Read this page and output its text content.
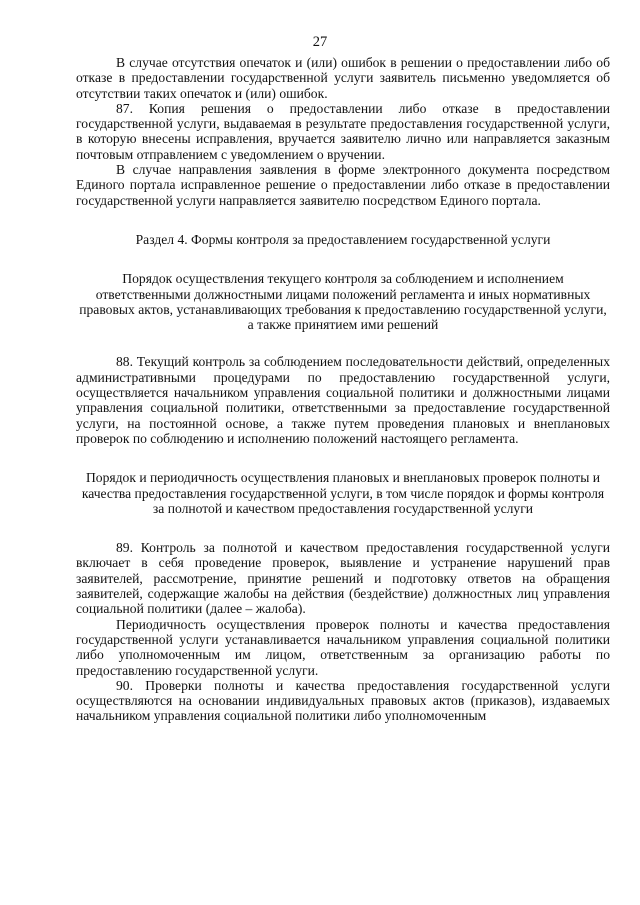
27

В случае отсутствия опечаток и (или) ошибок в решении о предоставлении либо об отказе в предоставлении государственной услуги заявитель письменно уведомляется об отсутствии таких опечаток и (или) ошибок.

87. Копия решения о предоставлении либо отказе в предоставлении государственной услуги, выдаваемая в результате предоставления государственной услуги, в которую внесены исправления, вручается заявителю лично или направляется заказным почтовым отправлением с уведомлением о вручении.

В случае направления заявления в форме электронного документа посредством Единого портала исправленное решение о предоставлении либо отказе в предоставлении государственной услуги направляется заявителю посредством Единого портала.

Раздел 4. Формы контроля за предоставлением государственной услуги

Порядок осуществления текущего контроля за соблюдением и исполнением ответственными должностными лицами положений регламента и иных нормативных правовых актов, устанавливающих требования к предоставлению государственной услуги, а также принятием ими решений

88. Текущий контроль за соблюдением последовательности действий, определенных административными процедурами по предоставлению государственной услуги, осуществляется начальником управления социальной политики и должностными лицами управления социальной политики, ответственными за предоставление государственной услуги, на постоянной основе, а также путем проведения плановых и внеплановых проверок по соблюдению и исполнению положений настоящего регламента.

Порядок и периодичность осуществления плановых и внеплановых проверок полноты и качества предоставления государственной услуги, в том числе порядок и формы контроля за полнотой и качеством предоставления государственной услуги

89. Контроль за полнотой и качеством предоставления государственной услуги включает в себя проведение проверок, выявление и устранение нарушений прав заявителей, рассмотрение, принятие решений и подготовку ответов на обращения заявителей, содержащие жалобы на действия (бездействие) должностных лиц управления социальной политики (далее – жалоба).

Периодичность осуществления проверок полноты и качества предоставления государственной услуги устанавливается начальником управления социальной политики либо уполномоченным им лицом, ответственным за организацию работы по предоставлению государственной услуги.

90. Проверки полноты и качества предоставления государственной услуги осуществляются на основании индивидуальных правовых актов (приказов), издаваемых начальником управления социальной политики либо уполномоченным
